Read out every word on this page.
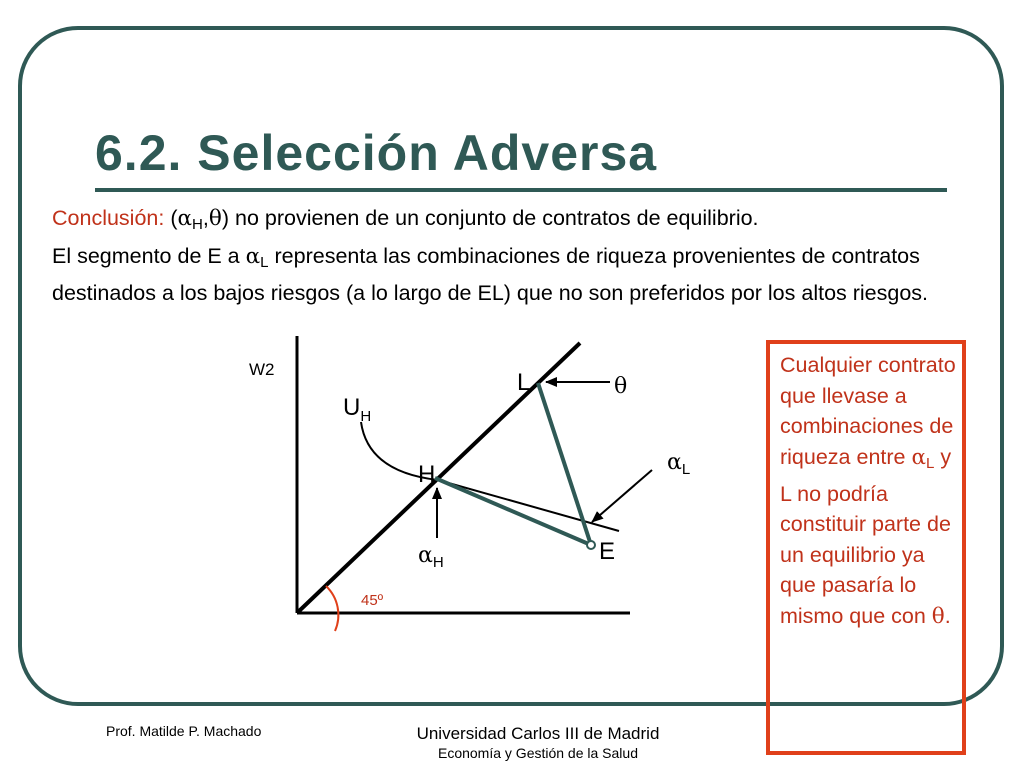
6.2. Selección Adversa

Conclusión: $(\alpha_H,\theta)$ no provienen de un conjunto de contratos de equilibrio.

El segmento de E a $\alpha_L$ representa las combinaciones de riqueza provenientes de contratos destinados a los bajos riesgos (a lo largo de EL) que no son preferidos por los altos riesgos.

W2
45º
L
H
E
$U_H$
θ
$\alpha_L$
$\alpha_H$
Cualquier contrato que llevase a combinaciones de riqueza entre $\alpha_L$ y L no podría constituir parte de un equilibrio ya que pasaría lo mismo que con θ.
Prof. Matilde P. Machado	Universidad Carlos III de Madrid
Economía y Gestión de la Salud
